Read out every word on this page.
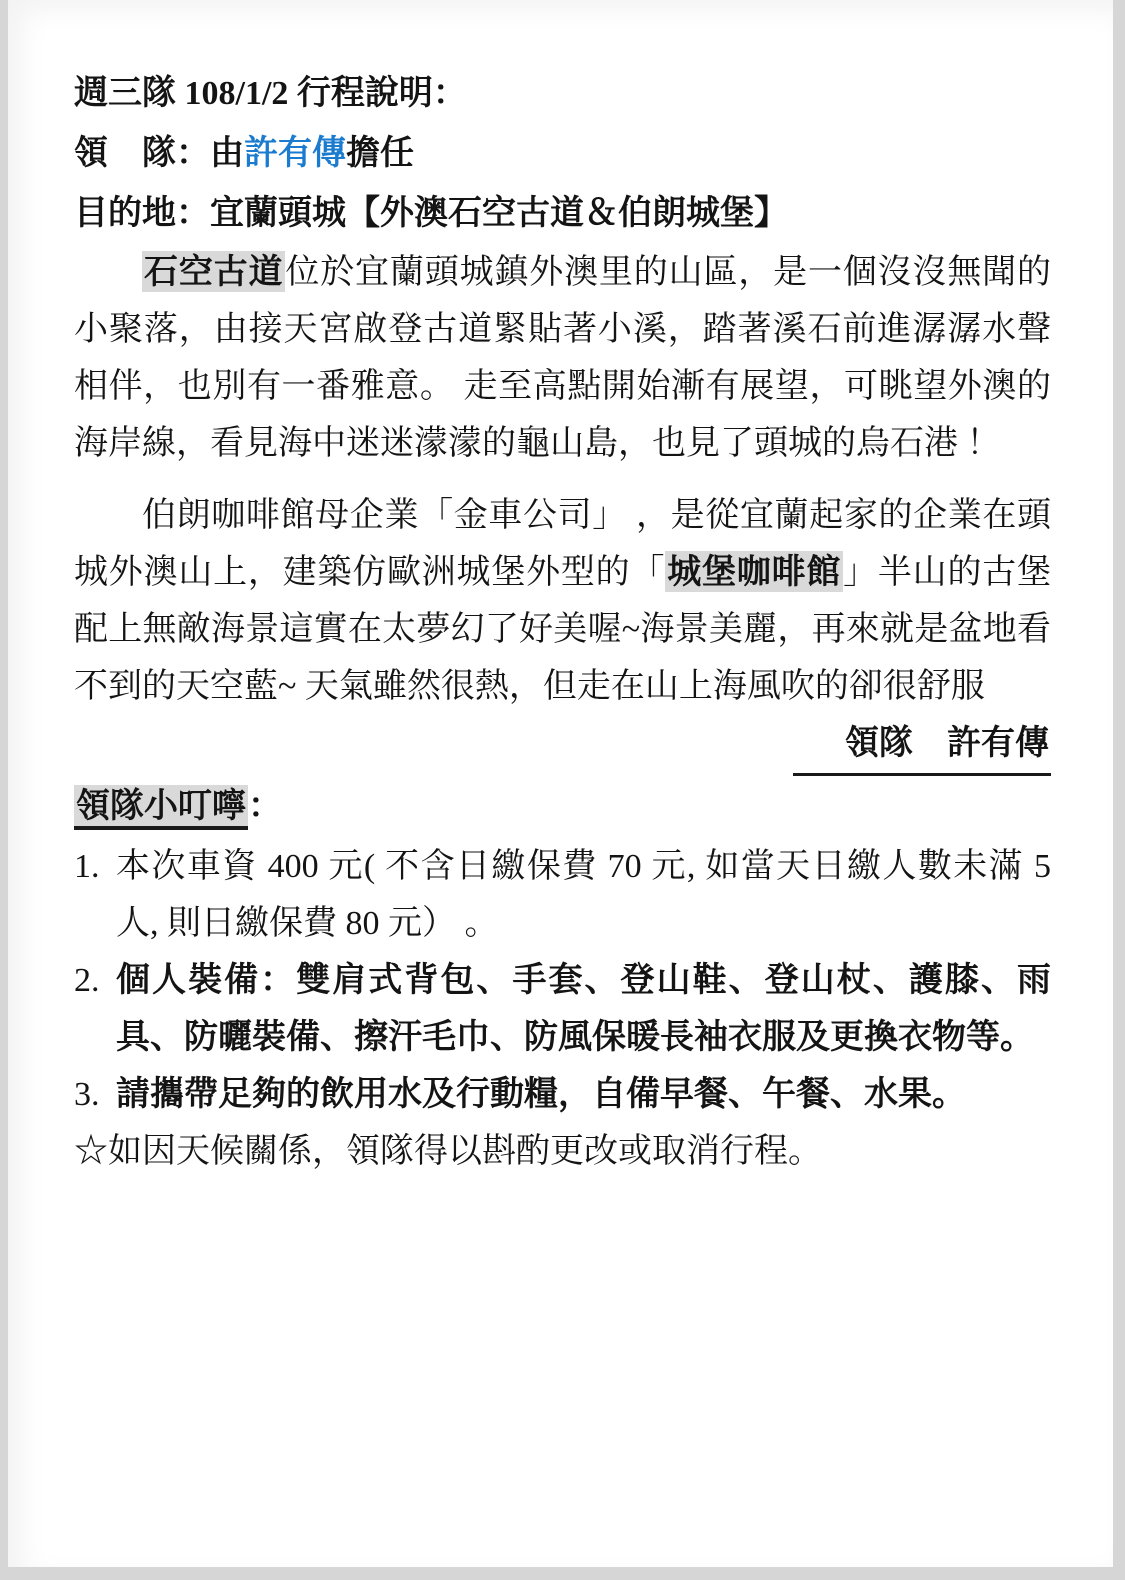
週三隊 108/1/2 行程說明：
領　隊：由許有傳擔任
目的地：宜蘭頭城【外澳石空古道＆伯朗城堡】

石空古道位於宜蘭頭城鎮外澳里的山區，是一個沒沒無聞的小聚落，由接天宮啟登古道緊貼著小溪，踏著溪石前進潺潺水聲相伴，也別有一番雅意。 走至高點開始漸有展望，可眺望外澳的海岸線，看見海中迷迷濛濛的龜山島，也見了頭城的烏石港 ！

伯朗咖啡館母企業「金車公司」 ，是從宜蘭起家的企業在頭城外澳山上，建築仿歐洲城堡外型的「城堡咖啡館」半山的古堡配上無敵海景這實在太夢幻了好美喔~海景美麗，再來就是盆地看不到的天空藍~ 天氣雖然很熱，但走在山上海風吹的卻很舒服

領隊　許有傳
領隊小叮嚀：
1. 本次車資 400 元( 不含日繳保費 70 元, 如當天日繳人數未滿 5 人, 則日繳保費 80 元） 。
2. 個人裝備：雙肩式背包、手套、登山鞋、登山杖、護膝、雨具、防曬裝備、擦汗毛巾、防風保暖長袖衣服及更換衣物等。
3. 請攜帶足夠的飲用水及行動糧，自備早餐、午餐、水果。

☆如因天候關係，領隊得以斟酌更改或取消行程。
